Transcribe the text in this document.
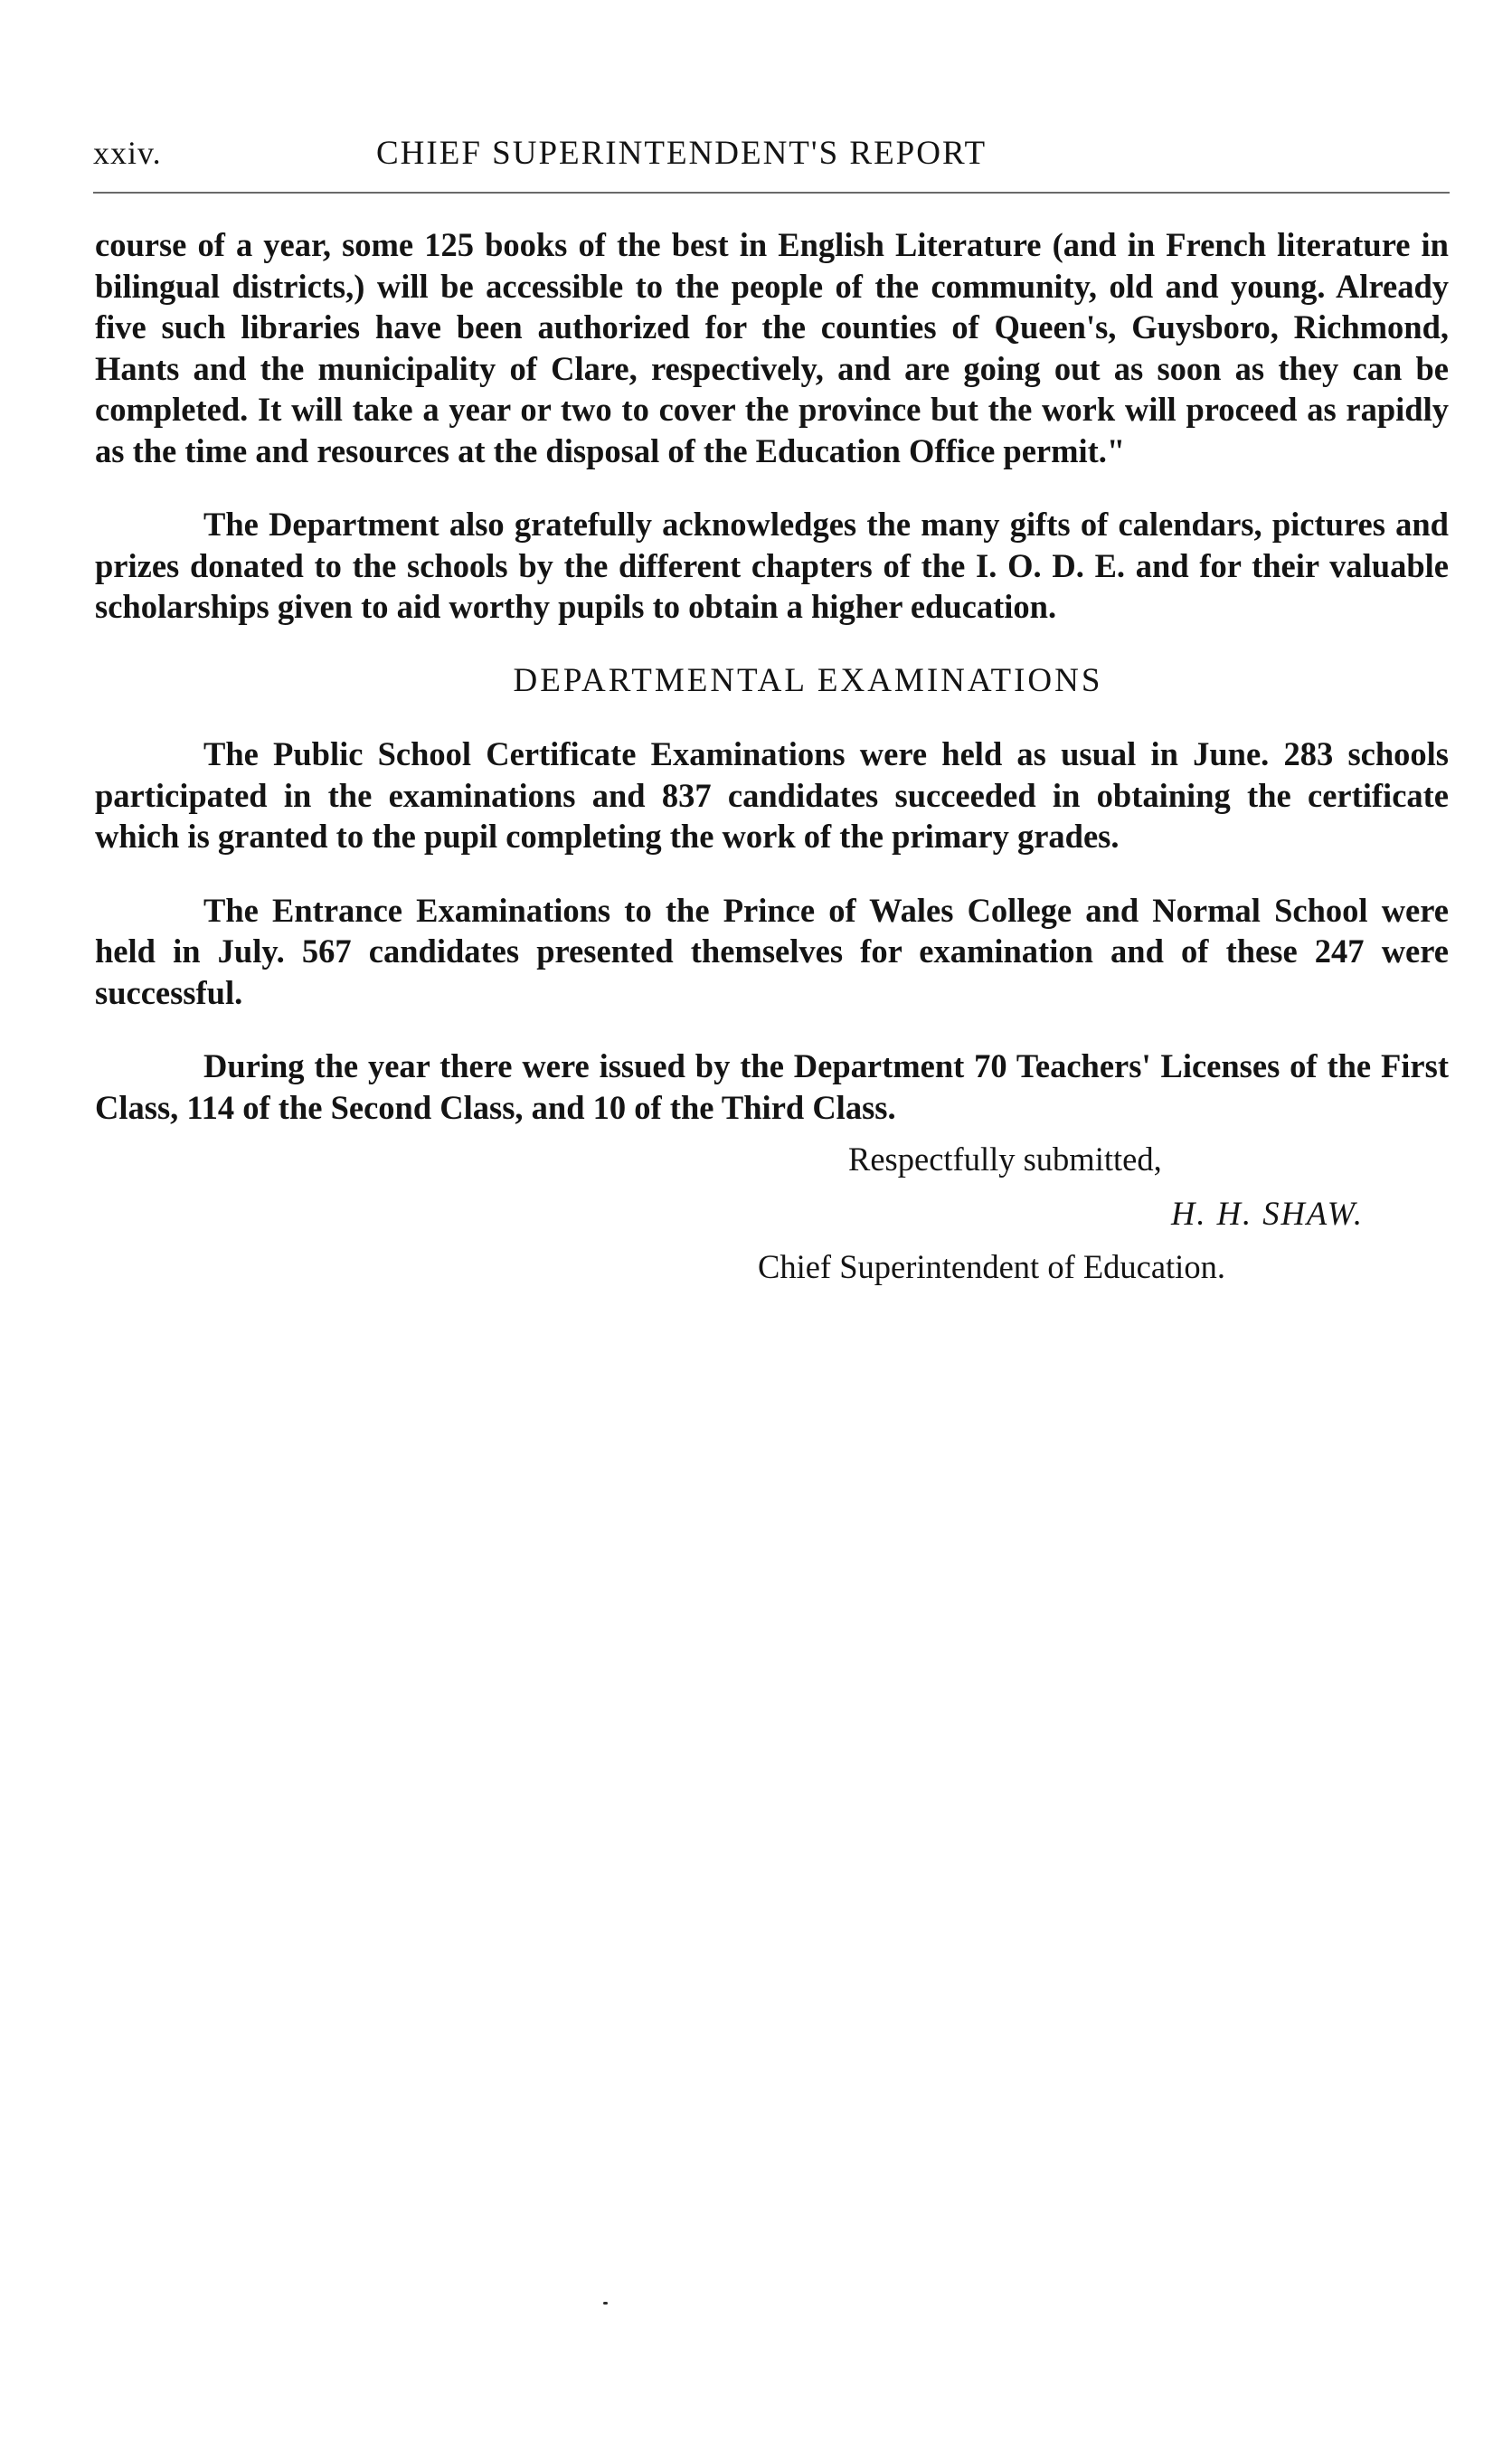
xxiv.	CHIEF SUPERINTENDENT'S REPORT

course of a year, some 125 books of the best in English Literature (and in French literature in bilingual districts,) will be accessible to the people of the community, old and young. Already five such libraries have been authorized for the counties of Queen's, Guysboro, Richmond, Hants and the municipality of Clare, respectively, and are going out as soon as they can be completed. It will take a year or two to cover the province but the work will proceed as rapidly as the time and resources at the disposal of the Education Office permit."

The Department also gratefully acknowledges the many gifts of calendars, pictures and prizes donated to the schools by the different chapters of the I. O. D. E. and for their valuable scholarships given to aid worthy pupils to obtain a higher education.

DEPARTMENTAL EXAMINATIONS

The Public School Certificate Examinations were held as usual in June. 283 schools participated in the examinations and 837 candidates succeeded in obtaining the certificate which is granted to the pupil completing the work of the primary grades.

The Entrance Examinations to the Prince of Wales College and Normal School were held in July. 567 candidates presented themselves for examination and of these 247 were successful.

During the year there were issued by the Department 70 Teachers' Licenses of the First Class, 114 of the Second Class, and 10 of the Third Class.

Respectfully submitted,

H. H. SHAW.

Chief Superintendent of Education.
